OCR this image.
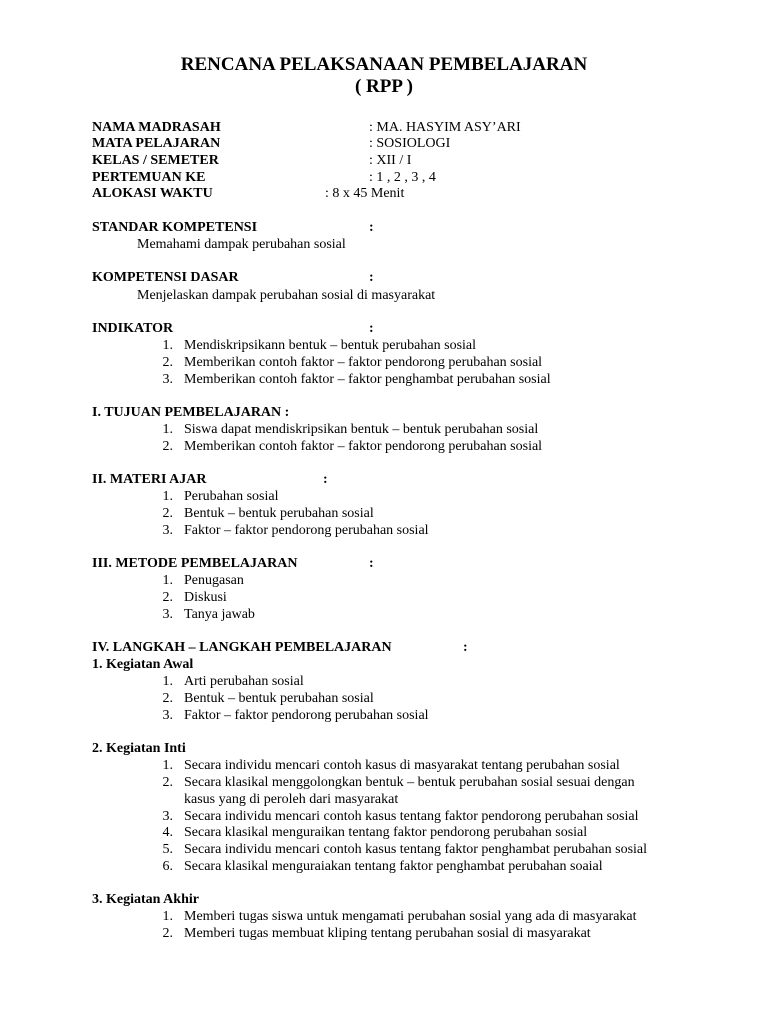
RENCANA PELAKSANAAN PEMBELAJARAN
( RPP )
NAMA MADRASAH	: MA. HASYIM ASY’ARI
MATA PELAJARAN	: SOSIOLOGI
KELAS / SEMETER	: XII / I
PERTEMUAN KE	: 1 , 2 , 3 , 4
ALOKASI WAKTU	: 8 x 45 Menit
STANDAR KOMPETENSI	:
Memahami dampak perubahan sosial
KOMPETENSI DASAR	:
Menjelaskan dampak perubahan sosial di masyarakat
INDIKATOR	:
1. Mendiskripsikann bentuk – bentuk perubahan sosial
2. Memberikan contoh faktor – faktor pendorong perubahan sosial
3. Memberikan contoh faktor – faktor penghambat perubahan sosial
I. TUJUAN PEMBELAJARAN :
1. Siswa dapat mendiskripsikan bentuk – bentuk perubahan sosial
2. Memberikan contoh faktor – faktor pendorong perubahan sosial
II. MATERI AJAR	:
1. Perubahan sosial
2. Bentuk – bentuk perubahan sosial
3. Faktor – faktor pendorong perubahan sosial
III. METODE PEMBELAJARAN	:
1. Penugasan
2. Diskusi
3. Tanya jawab
IV. LANGKAH – LANGKAH PEMBELAJARAN	:
1. Kegiatan Awal
1. Arti perubahan sosial
2. Bentuk – bentuk perubahan sosial
3. Faktor – faktor pendorong perubahan sosial
2. Kegiatan Inti
1. Secara individu mencari contoh kasus di masyarakat tentang perubahan sosial
2. Secara klasikal menggolongkan bentuk – bentuk perubahan sosial sesuai dengan
kasus yang di peroleh dari masyarakat
3. Secara individu mencari contoh kasus tentang faktor pendorong perubahan sosial
4. Secara klasikal menguraikan tentang faktor pendorong perubahan sosial
5. Secara individu mencari contoh kasus tentang faktor penghambat perubahan sosial
6. Secara klasikal menguraiakan tentang faktor penghambat perubahan soaial
3. Kegiatan Akhir
1. Memberi tugas siswa untuk mengamati perubahan sosial yang ada di masyarakat
2. Memberi tugas membuat kliping tentang perubahan sosial di masyarakat
